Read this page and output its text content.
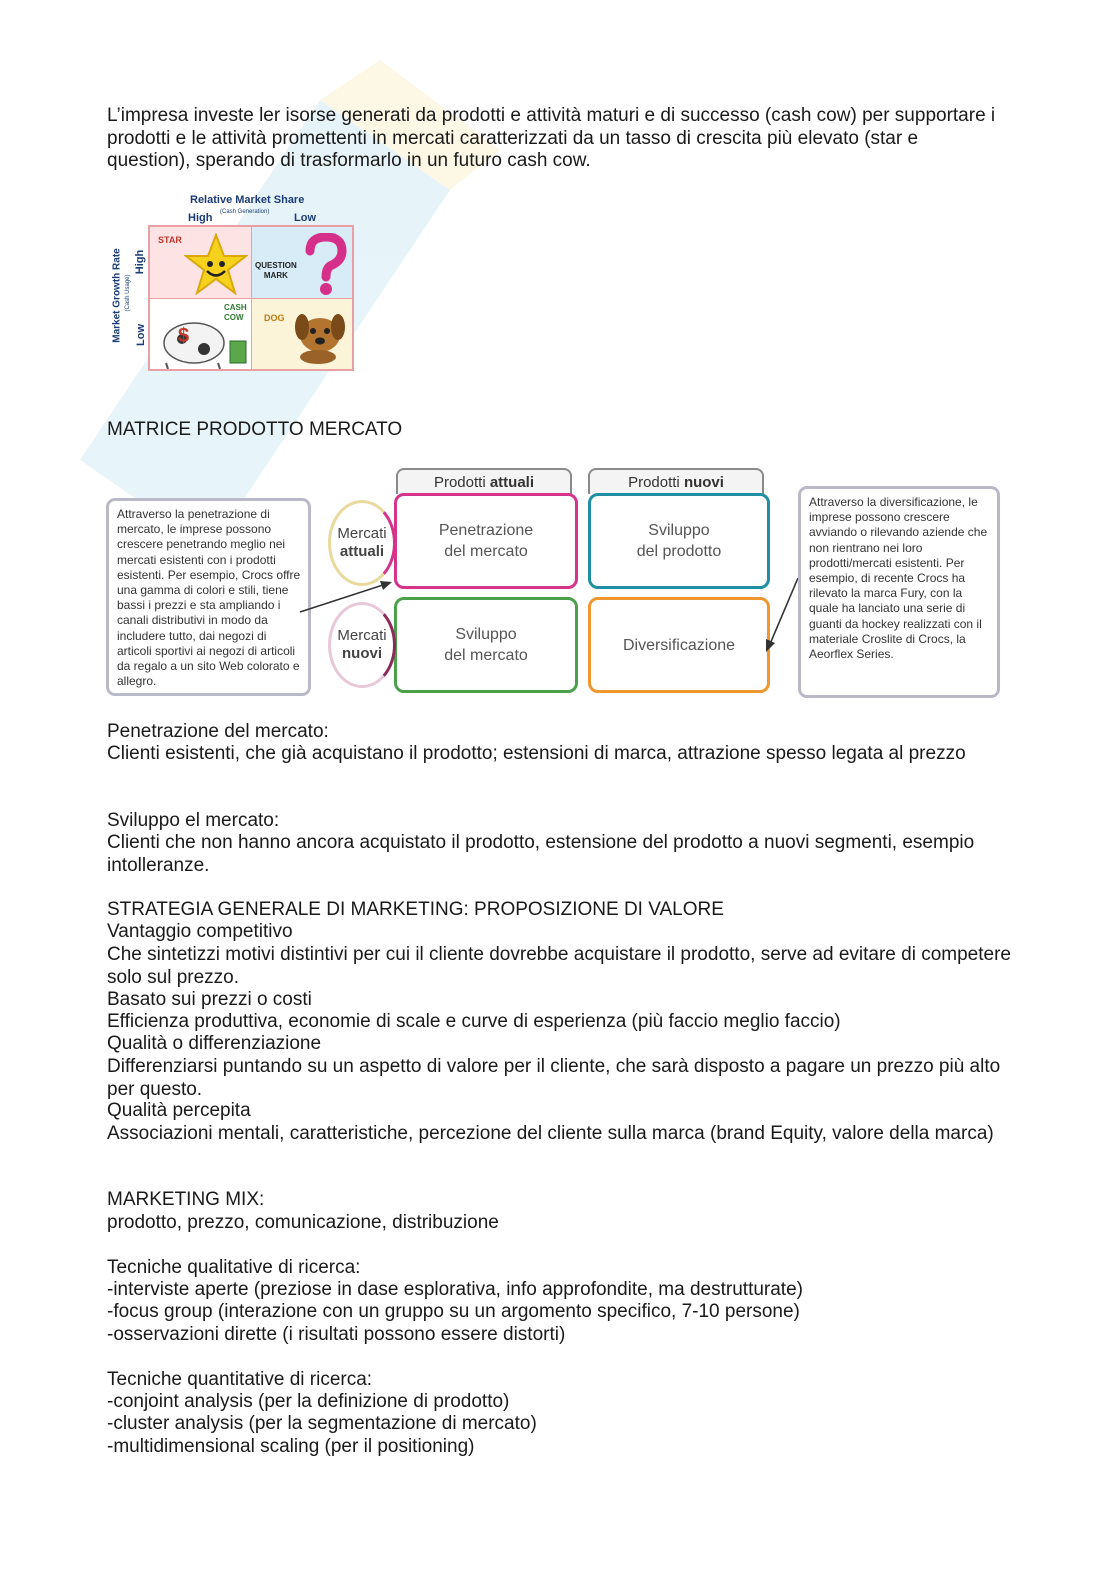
L’impresa investe ler isorse generati da prodotti e attività maturi e di successo (cash cow) per supportare i prodotti e le attività promettenti in mercati caratterizzati da un tasso di crescita più elevato (star e question), sperando di trasformarlo in un futuro cash cow.

Relative Market Share
High (Cash Generation) Low
Market Growth Rate (Cash Usage)
High
Low
STAR
QUESTION
MARK
CASH
COW
$
DOG

MATRICE PRODOTTO MERCATO

Attraverso la penetrazione di mercato, le imprese possono crescere penetrando meglio nei mercati esistenti con i prodotti esistenti. Per esempio, Crocs offre una gamma di colori e stili, tiene bassi i prezzi e sta ampliando i canali distributivi in modo da includere tutto, dai negozi di articoli sportivi ai negozi di articoli da regalo a un sito Web colorato e allegro.
Prodotti attuali	Prodotti nuovi
Penetrazione
del mercato
Sviluppo
del prodotto
Sviluppo
del mercato
Diversificazione
Mercati
attuali
Mercati
nuovi
Attraverso la diversificazione, le imprese possono crescere avviando o rilevando aziende che non rientrano nei loro prodotti/mercati esistenti. Per esempio, di recente Crocs ha rilevato la marca Fury, con la quale ha lanciato una serie di guanti da hockey realizzati con il materiale Croslite di Crocs, la Aeorflex Series.

Penetrazione del mercato:

Clienti esistenti, che già acquistano il prodotto; estensioni di marca, attrazione spesso legata al prezzo

Sviluppo el mercato:

Clienti che non hanno ancora acquistato il prodotto, estensione del prodotto a nuovi segmenti, esempio intolleranze.

STRATEGIA GENERALE DI MARKETING: PROPOSIZIONE DI VALORE

Vantaggio competitivo

Che sintetizzi motivi distintivi per cui il cliente dovrebbe acquistare il prodotto, serve ad evitare di competere solo sul prezzo.

Basato sui prezzi o costi

Efficienza produttiva, economie di scale e curve di esperienza (più faccio meglio faccio)

Qualità o differenziazione

Differenziarsi puntando su un aspetto di valore per il cliente, che sarà disposto a pagare un prezzo più alto per questo.

Qualità percepita

Associazioni mentali, caratteristiche, percezione del cliente sulla marca (brand Equity, valore della marca)

MARKETING MIX:

prodotto, prezzo, comunicazione, distribuzione

Tecniche qualitative di ricerca:

-interviste aperte (preziose in dase esplorativa, info approfondite, ma destrutturate)

-focus group (interazione con un gruppo su un argomento specifico, 7-10 persone)

-osservazioni dirette (i risultati possono essere distorti)

Tecniche quantitative di ricerca:

-conjoint analysis (per la definizione di prodotto)

-cluster analysis (per la segmentazione di mercato)

-multidimensional scaling (per il positioning)
